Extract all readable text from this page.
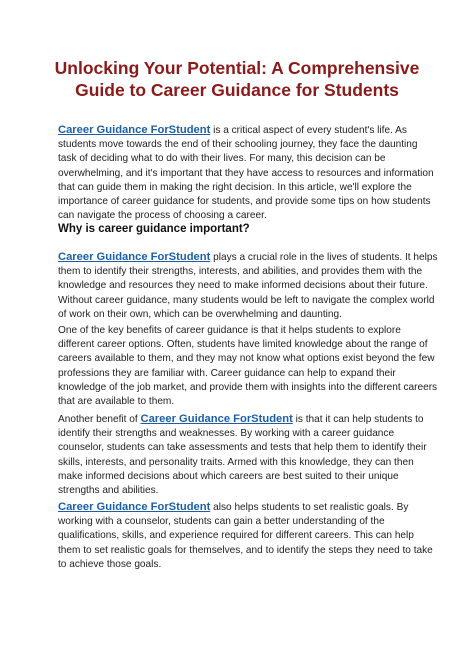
Unlocking Your Potential: A Comprehensive
Guide to Career Guidance for Students
Career Guidance ForStudent is a critical aspect of every student's life. As
students move towards the end of their schooling journey, they face the daunting
task of deciding what to do with their lives. For many, this decision can be
overwhelming, and it's important that they have access to resources and information
that can guide them in making the right decision. In this article, we'll explore the
importance of career guidance for students, and provide some tips on how students
can navigate the process of choosing a career.
Why is career guidance important?
Career Guidance ForStudent plays a crucial role in the lives of students. It helps
them to identify their strengths, interests, and abilities, and provides them with the
knowledge and resources they need to make informed decisions about their future.
Without career guidance, many students would be left to navigate the complex world
of work on their own, which can be overwhelming and daunting.
One of the key benefits of career guidance is that it helps students to explore
different career options. Often, students have limited knowledge about the range of
careers available to them, and they may not know what options exist beyond the few
professions they are familiar with. Career guidance can help to expand their
knowledge of the job market, and provide them with insights into the different careers
that are available to them.
Another benefit of Career Guidance ForStudent is that it can help students to
identify their strengths and weaknesses. By working with a career guidance
counselor, students can take assessments and tests that help them to identify their
skills, interests, and personality traits. Armed with this knowledge, they can then
make informed decisions about which careers are best suited to their unique
strengths and abilities.
Career Guidance ForStudent also helps students to set realistic goals. By
working with a counselor, students can gain a better understanding of the
qualifications, skills, and experience required for different careers. This can help
them to set realistic goals for themselves, and to identify the steps they need to take
to achieve those goals.
